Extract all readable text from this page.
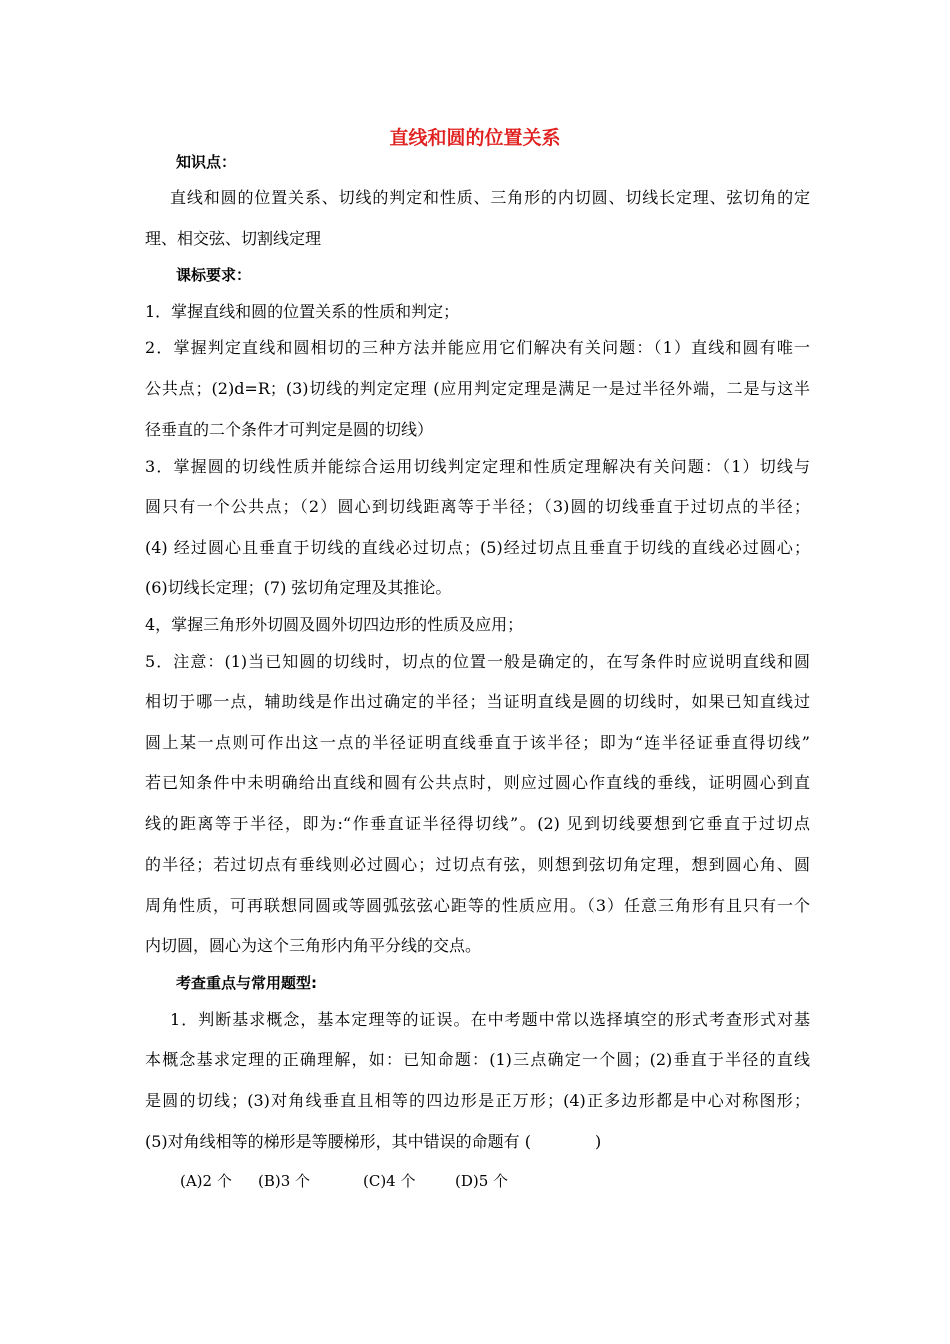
直线和圆的位置关系
知识点：
直线和圆的位置关系、切线的判定和性质、三角形的内切圆、切线长定理、弦切角的定
理、相交弦、切割线定理
课标要求：
1．掌握直线和圆的位置关系的性质和判定；
2．掌握判定直线和圆相切的三种方法并能应用它们解决有关问题：（1）直线和圆有唯一
公共点；(2)d=R；(3)切线的判定定理 (应用判定定理是满足一是过半径外端，二是与这半
径垂直的二个条件才可判定是圆的切线）
3．掌握圆的切线性质并能综合运用切线判定定理和性质定理解决有关问题：（1）切线与
圆只有一个公共点；（2）圆心到切线距离等于半径；（3)圆的切线垂直于过切点的半径；
(4) 经过圆心且垂直于切线的直线必过切点；(5)经过切点且垂直于切线的直线必过圆心；
(6)切线长定理；(7) 弦切角定理及其推论。
4，掌握三角形外切圆及圆外切四边形的性质及应用；
5．注意：(1)当已知圆的切线时，切点的位置一般是确定的，在写条件时应说明直线和圆
相切于哪一点，辅助线是作出过确定的半径；当证明直线是圆的切线时，如果已知直线过
圆上某一点则可作出这一点的半径证明直线垂直于该半径；即为“连半径证垂直得切线”
若已知条件中未明确给出直线和圆有公共点时，则应过圆心作直线的垂线，证明圆心到直
线的距离等于半径，即为:“作垂直证半径得切线”。(2) 见到切线要想到它垂直于过切点
的半径；若过切点有垂线则必过圆心；过切点有弦，则想到弦切角定理，想到圆心角、圆
周角性质，可再联想同圆或等圆弧弦弦心距等的性质应用。（3）任意三角形有且只有一个
内切圆，圆心为这个三角形内角平分线的交点。
考查重点与常用题型:
1．判断基求概念，基本定理等的证误。在中考题中常以选择填空的形式考查形式对基
本概念基求定理的正确理解，如：已知命题：(1)三点确定一个圆；(2)垂直于半径的直线
是圆的切线；(3)对角线垂直且相等的四边形是正万形；(4)正多边形都是中心对称图形；
(5)对角线相等的梯形是等腰梯形，其中错误的命题有 (　　　　)
(A)2 个 (B)3 个	(C)4 个	(D)5 个
